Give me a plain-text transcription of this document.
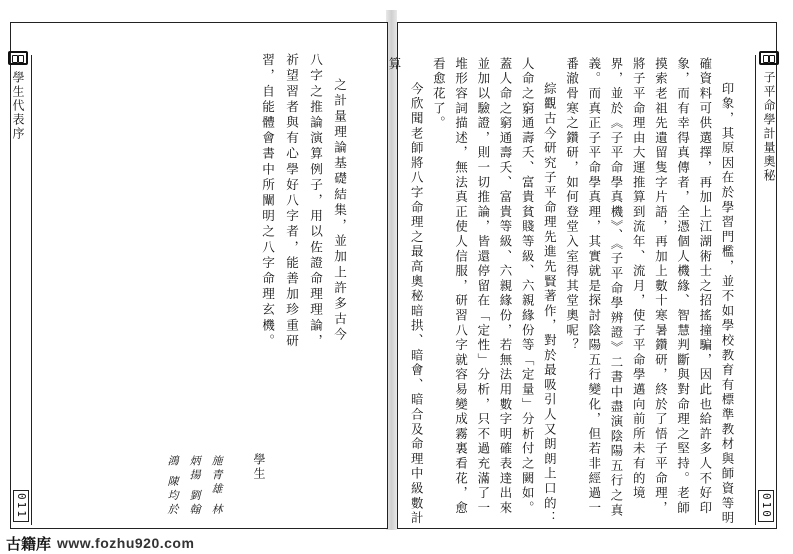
學生代表序	之計量理論基礎結集，並加上許多古今八字之推論演算例子，用以佐證命理理論，祈望習者與有心學好八字者，能善加珍重研習，自能體會書中所闡明之八字命理玄機。

學生
施青雄 林炳揚 劉翰鴻 陳均於
011
子平命學計量奧秘

印象，其原因在於學習門檻，並不如學校教育有標準教材與師資等明確資料可供選擇，再加上江湖術士之招搖撞騙，因此也給許多人不好印象，而有幸得真傳者，全憑個人機緣、智慧判斷與對命理之堅持。老師摸索老祖先遺留隻字片語，再加上數十寒暑鑽研，終於了悟子平命理，將子平命理由大運推算到流年、流月，使子平命學邁向前所未有的境界，並於《子平命學真機》、《子平命學辨證》二書中盡演陰陽五行之真義。而真正子平命學真理，其實就是探討陰陽五行變化，但若非經過一番澈骨寒之鑽研，如何登堂入室得其堂奧呢？

綜觀古今研究子平命理先進先賢著作，對於最吸引人又朗朗上口的：人命之窮通壽夭、富貴貧賤等級、六親緣份等「定量」分析付之闕如。蓋人命之窮通壽夭、富貴等級、六親緣份，若無法用數字明確表達出來並加以驗證，則一切推論，皆還停留在「定性」分析，只不過充滿了一堆形容詞描述，無法真正使人信服，研習八字就容易變成霧裏看花，愈看愈花了。

今欣聞老師將八字命理之最高奧秘暗拱、暗會、暗合及命理中級數計算

010
古籍库 www.fozhu920.com
